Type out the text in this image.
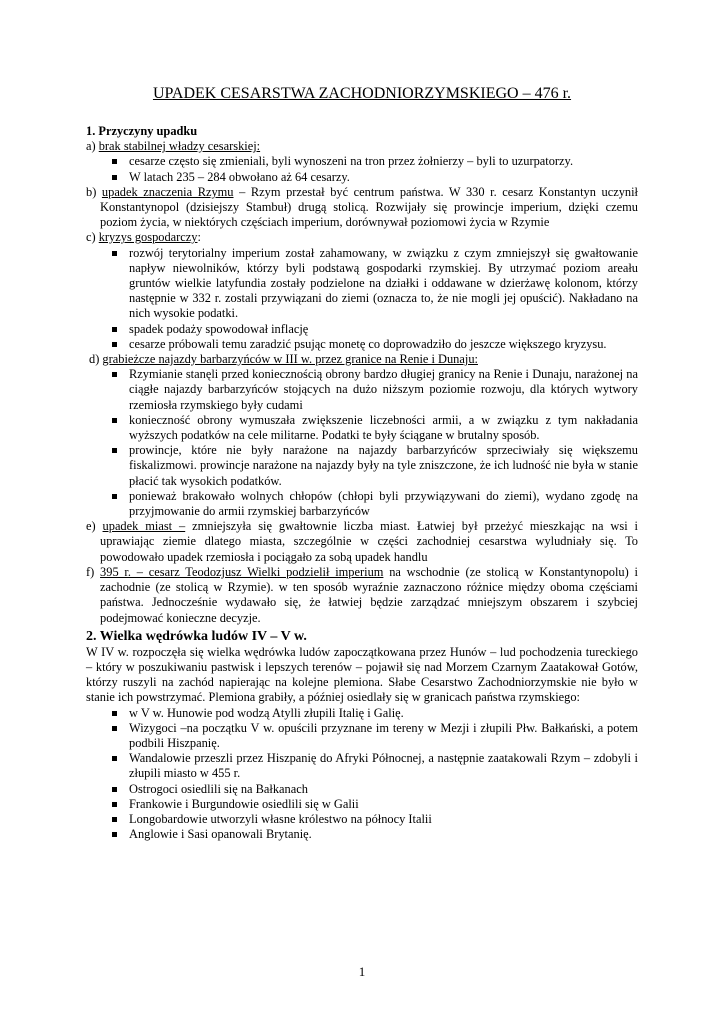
UPADEK CESARSTWA ZACHODNIORZYMSKIEGO – 476 r.
1. Przyczyny upadku
a) brak stabilnej władzy cesarskiej:
cesarze często się zmieniali, byli wynoszeni na tron przez żołnierzy – byli to uzurpatorzy.
W latach 235 – 284 obwołano aż 64 cesarzy.
b) upadek znaczenia Rzymu – Rzym przestał być centrum państwa. W 330 r. cesarz Konstantyn uczynił Konstantynopol (dzisiejszy Stambuł) drugą stolicą. Rozwijały się prowincje imperium, dzięki czemu poziom życia, w niektórych częściach imperium, dorównywał poziomowi życia w Rzymie
c) kryzys gospodarczy:
rozwój terytorialny imperium został zahamowany, w związku z czym zmniejszył się gwałtowanie napływ niewolników, którzy byli podstawą gospodarki rzymskiej. By utrzymać poziom areału gruntów wielkie latyfundia zostały podzielone na działki i oddawane w dzierżawę kolonom, którzy następnie w 332 r. zostali przywiązani do ziemi (oznacza to, że nie mogli jej opuścić). Nakładano na nich wysokie podatki.
spadek podaży spowodował inflację
cesarze próbowali temu zaradzić psując monetę co doprowadziło do jeszcze większego kryzysu.
d) grabieżcze najazdy barbarzyńców w III w. przez granice na Renie i Dunaju:
Rzymianie stanęli przed koniecznością obrony bardzo długiej granicy na Renie i Dunaju, narażonej na ciągłe najazdy barbarzyńców stojących na dużo niższym poziomie rozwoju, dla których wytwory rzemiosła rzymskiego były cudami
konieczność obrony wymuszała zwiększenie liczebności armii, a w związku z tym nakładania wyższych podatków na cele militarne. Podatki te były ściągane w brutalny sposób.
prowincje, które nie były narażone na najazdy barbarzyńców sprzeciwiały się większemu fiskalizmowi. prowincje narażone na najazdy były na tyle zniszczone, że ich ludność nie była w stanie płacić tak wysokich podatków.
ponieważ brakowało wolnych chłopów (chłopi byli przywiązywani do ziemi), wydano zgodę na przyjmowanie do armii rzymskiej barbarzyńców
e) upadek miast – zmniejszyła się gwałtownie liczba miast. Łatwiej był przeżyć mieszkając na wsi i uprawiając ziemie dlatego miasta, szczególnie w części zachodniej cesarstwa wyludniały się. To powodowało upadek rzemiosła i pociągało za sobą upadek handlu
f) 395 r. – cesarz Teodozjusz Wielki podzielił imperium na wschodnie (ze stolicą w Konstantynopolu) i zachodnie (ze stolicą w Rzymie). w ten sposób wyraźnie zaznaczono różnice między oboma częściami państwa. Jednocześnie wydawało się, że łatwiej będzie zarządzać mniejszym obszarem i szybciej podejmować konieczne decyzje.
2. Wielka wędrówka ludów IV – V w.
W IV w. rozpoczęła się wielka wędrówka ludów zapoczątkowana przez Hunów – lud pochodzenia tureckiego – który w poszukiwaniu pastwisk i lepszych terenów – pojawił się nad Morzem Czarnym Zaatakował Gotów, którzy ruszyli na zachód napierając na kolejne plemiona. Słabe Cesarstwo Zachodniorzymskie nie było w stanie ich powstrzymać. Plemiona grabiły, a później osiedlały się w granicach państwa rzymskiego:
w V w. Hunowie pod wodzą Atylli złupili Italię i Galię.
Wizygoci –na początku V w. opuścili przyznane im tereny w Mezji i złupili Płw. Bałkański, a potem podbili Hiszpanię.
Wandalowie przeszli przez Hiszpanię do Afryki Północnej, a następnie zaatakowali Rzym – zdobyli i złupili miasto w 455 r.
Ostrogoci osiedlili się na Bałkanach
Frankowie i Burgundowie osiedlili się w Galii
Longobardowie utworzyli własne królestwo na północy Italii
Anglowie i Sasi opanowali Brytanię.
1
